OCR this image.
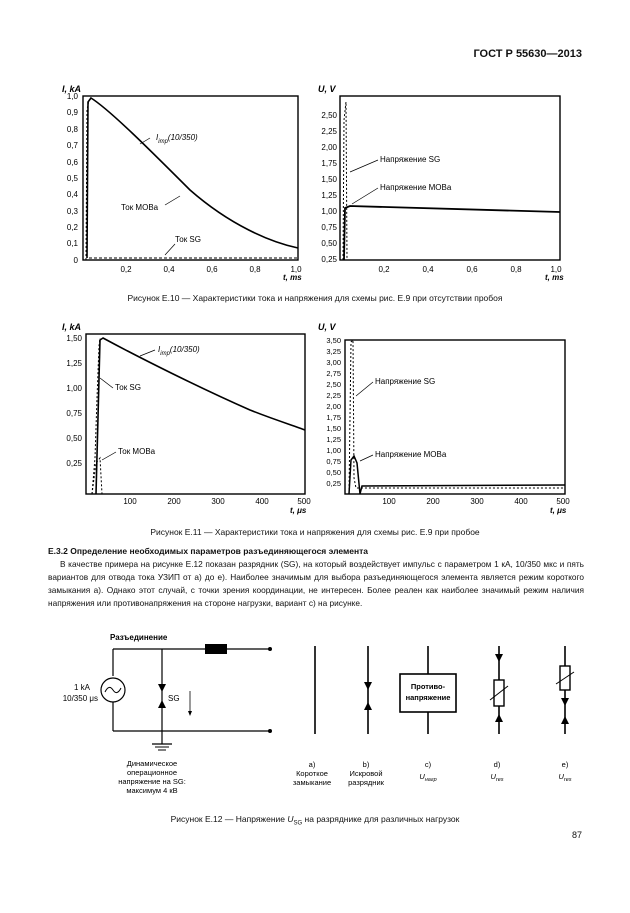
ГОСТ Р 55630—2013
I, kA
1,0
0,9
0,8
0,7
0,6
0,5
0,4
0,3
0,2
0,1
0
0,2	0,4	0,6	0,8	1,0
t, ms
$I_{imp}(10/350)$
Ток МОВа
Ток SG
U, V
2,50
2,25
2,00
1,75
1,50
1,25
1,00
0,75
0,50
0,25
0,2	0,4	0,6	0,8	1,0
t, ms
Напряжение SG
Напряжение МОВа
Рисунок Е.10 — Характеристики тока и напряжения для схемы рис. Е.9 при отсутствии пробоя
I, kA
1,50
1,25
1,00
0,75
0,50
0,25
100	200	300	400	500
t, μs
$I_{imp}(10/350)$
Ток SG
Ток МОВа
U, V
3,50
3,25
3,00
2,75
2,50
2,25
2,00
1,75
1,50
1,25
1,00
0,75
0,50
0,25
100	200	300	400	500
t, μs
Напряжение SG
Напряжение МОВа
Рисунок Е.11 — Характеристики тока и напряжения для схемы рис. Е.9 при пробое
Е.3.2 Определение необходимых параметров разъединяющегося элемента
В качестве примера на рисунке Е.12 показан разрядник (SG), на который воздействует импульс с параметром 1 кА, 10/350 мкс и пять вариантов для отвода тока УЗИП от а) до е). Наиболее значимым для выбора разъединяющегося элемента является режим короткого замыкания а). Однако этот случай, с точки зрения координации, не интересен. Более реален как наиболее значимый режим наличия напряжения или противонапряжения на стороне нагрузки, вариант с) на рисунке.
Разъединение
SG
1 kA
10/350 μs
Динамическое
операционное
напряжение на SG:
максимум 4 кВ
Противо-
напряжение
a)
Короткое
замыкание
b)
Искровой
разрядник
c)
$U_{нагр}$
d)
$U_{res}$
e)
$U_{res}$
Рисунок Е.12 — Напряжение $U_{SG}$ на разряднике для различных нагрузок
87
